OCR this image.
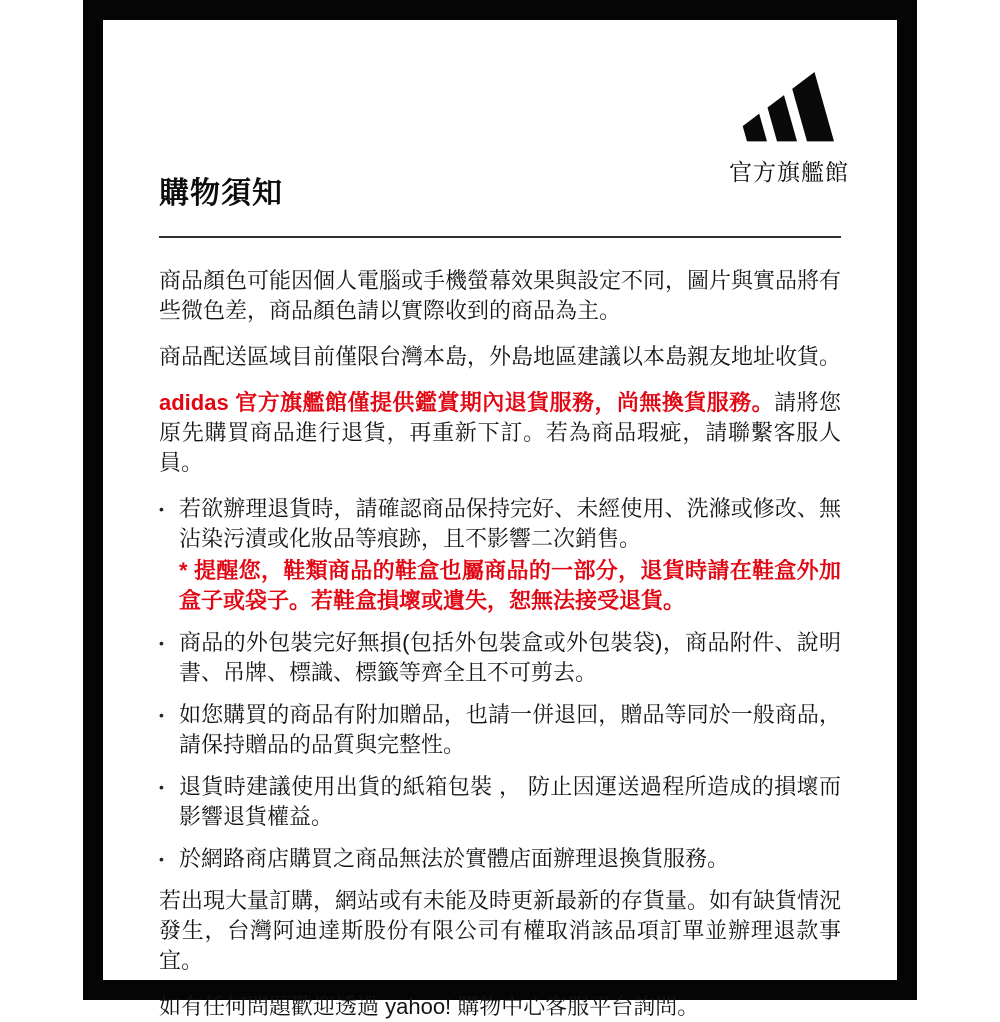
官方旗艦館
購物須知

商品顏色可能因個人電腦或手機螢幕效果與設定不同，圖片與實品將有些微色差，商品顏色請以實際收到的商品為主。

商品配送區域目前僅限台灣本島，外島地區建議以本島親友地址收貨。

adidas 官方旗艦館僅提供鑑賞期內退貨服務，尚無換貨服務。請將您原先購買商品進行退貨，再重新下訂。若為商品瑕疵，請聯繫客服人員。

• 若欲辦理退貨時，請確認商品保持完好、未經使用、洗滌或修改、無沾染污漬或化妝品等痕跡，且不影響二次銷售。
* 提醒您，鞋類商品的鞋盒也屬商品的一部分，退貨時請在鞋盒外加盒子或袋子。若鞋盒損壞或遺失，恕無法接受退貨。
• 商品的外包裝完好無損(包括外包裝盒或外包裝袋)，商品附件、說明書、吊牌、標識、標籤等齊全且不可剪去。
• 如您購買的商品有附加贈品，也請一併退回，贈品等同於一般商品，請保持贈品的品質與完整性。
• 退貨時建議使用出貨的紙箱包裝 ， 防止因運送過程所造成的損壞而影響退貨權益。
• 於網路商店購買之商品無法於實體店面辦理退換貨服務。

若出現大量訂購，網站或有未能及時更新最新的存貨量。如有缺貨情況發生，台灣阿迪達斯股份有限公司有權取消該品項訂單並辦理退款事宜。

如有任何問題歡迎透過 yahoo! 購物中心客服平台詢問。
